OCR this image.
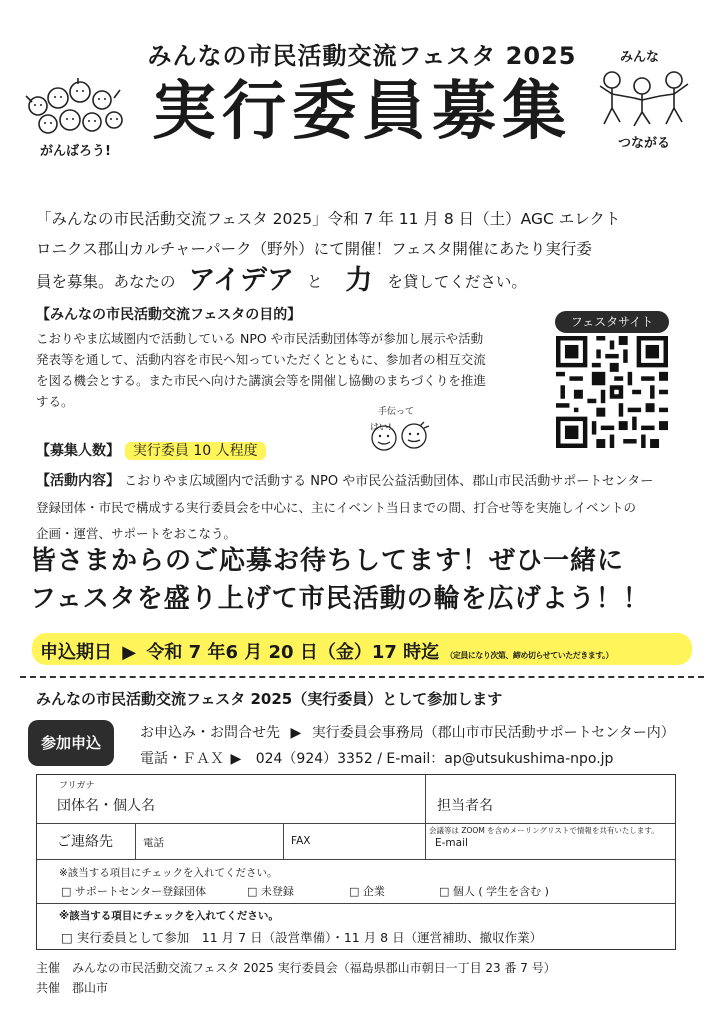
みんなの市民活動交流フェスタ 2025
実行委員募集
がんばろう!
みんな
つながる
「みんなの市民活動交流フェスタ 2025」令和 7 年 11 月 8 日（土）AGC エレクト
ロニクス郡山カルチャーパーク（野外）にて開催！フェスタ開催にあたり実行委
員を募集。あなたの アイデア と 力 を貸してください。
【みんなの市民活動交流フェスタの目的】
こおりやま広域圏内で活動している NPO や市民活動団体等が参加し展示や活動
発表等を通して、活動内容を市民へ知っていただくとともに、参加者の相互交流
を図る機会とする。また市民へ向けた講演会等を開催し協働のまちづくりを推進
する。
フェスタサイト
手伝って
はい!
【募集人数】 実行委員 10 人程度
【活動内容】 こおりやま広域圏内で活動する NPO や市民公益活動団体、郡山市民活動サポートセンター
登録団体・市民で構成する実行委員会を中心に、主にイベント当日までの間、打合せ等を実施しイベントの
企画・運営、サポートをおこなう。
皆さまからのご応募お待ちしてます！ぜひ一緒に
フェスタを盛り上げて市民活動の輪を広げよう！！
申込期日 ▶ 令和 7 年6 月 20 日（金）17 時迄 （定員になり次第、締め切らせていただきます。）
みんなの市民活動交流フェスタ 2025（実行委員）として参加します
参加申込
お申込み・お問合せ先 ▶ 実行委員会事務局（郡山市市民活動サポートセンター内）
電話・ＦＡＸ ▶ 024（924）3352 / E-mail：ap@utsukushima-npo.jp
フリガナ
団体名・個人名	担当者名
ご連絡先	電話	FAX
会議等は ZOOM を含めメーリングリストで情報を共有いたします。
E-mail
※該当する項目にチェックを入れてください。
□ サポートセンター登録団体	□ 未登録	□ 企業	□ 個人 ( 学生を含む )
※該当する項目にチェックを入れてください。
□ 実行委員として参加　11 月 7 日（設営準備）・11 月 8 日（運営補助、撤収作業）
主催　みんなの市民活動交流フェスタ 2025 実行委員会（福島県郡山市朝日一丁目 23 番 7 号）
共催　郡山市
